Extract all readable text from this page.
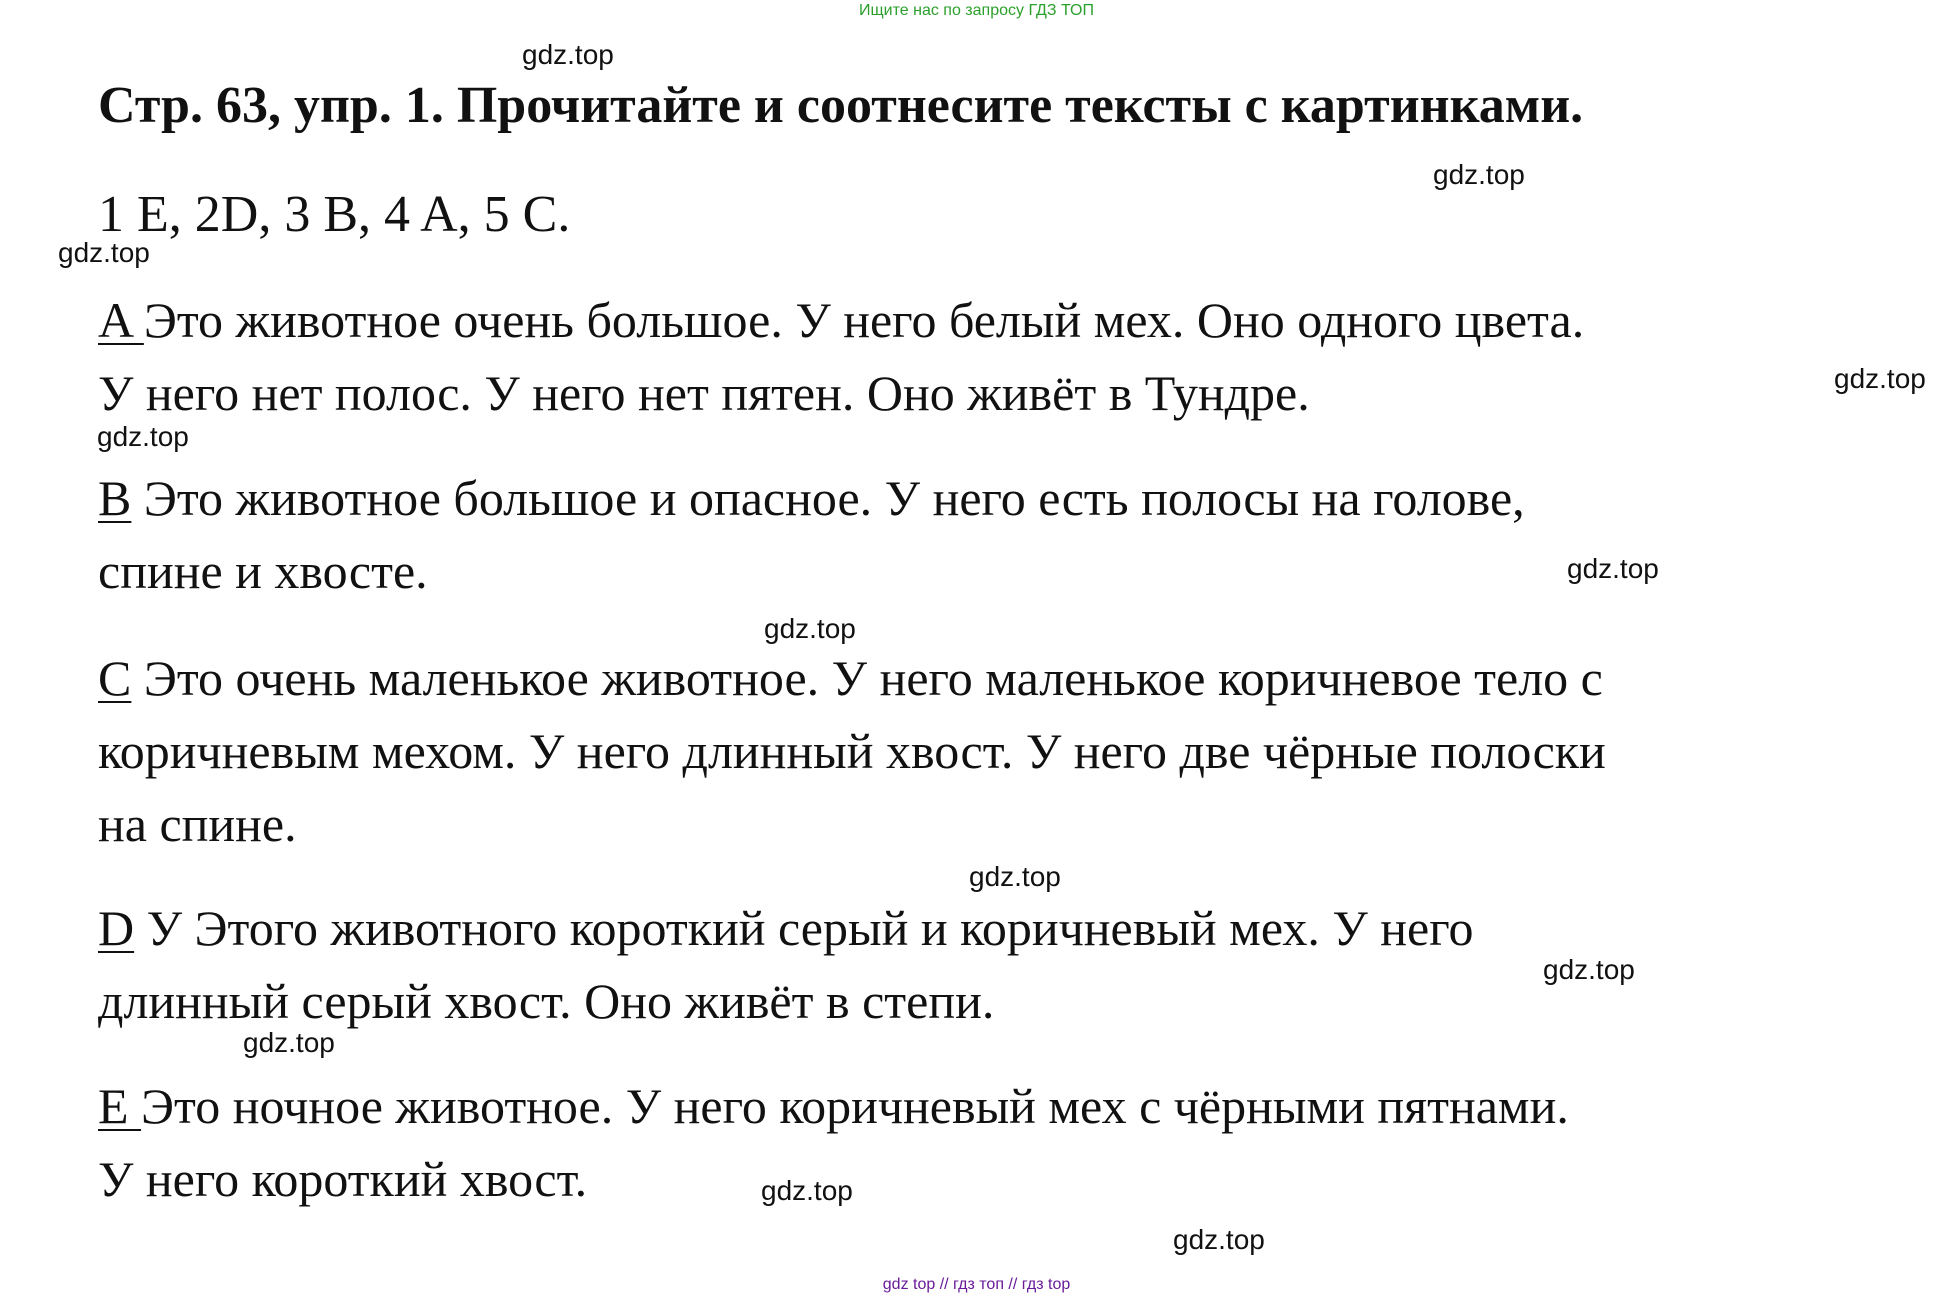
Ищите нас по запросу ГДЗ ТОП
gdz.top
Стр. 63, упр. 1. Прочитайте и соотнесите тексты с картинками.
gdz.top
1 E, 2D, 3 B, 4 A, 5 C.
gdz.top
A Это животное очень большое. У него белый мех. Оно одного цвета.
У него нет полос. У него нет пятен. Оно живёт в Тундре.	gdz.top
gdz.top
B Это животное большое и опасное. У него есть полосы на голове,
спине и хвосте.	gdz.top
gdz.top
C Это очень маленькое животное. У него маленькое коричневое тело с
коричневым мехом. У него длинный хвост. У него две чёрные полоски
на спине.
gdz.top
D У Этого животного короткий серый и коричневый мех. У него
длинный серый хвост. Оно живёт в степи.
gdz.top
gdz.top
E Это ночное животное. У него коричневый мех с чёрными пятнами.
У него короткий хвост.	gdz.top
gdz.top
gdz top // гдз топ // гдз top
